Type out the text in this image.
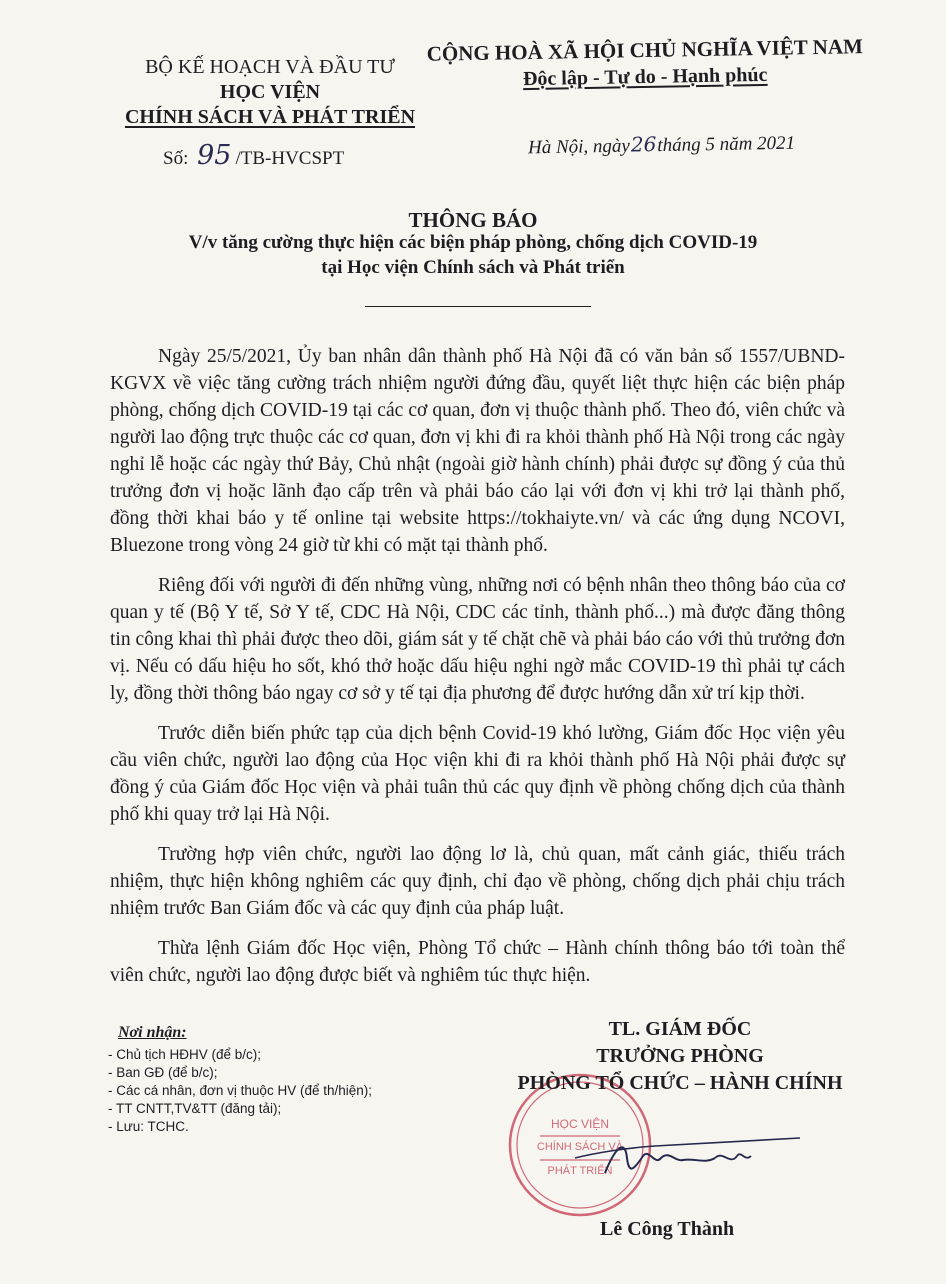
BỘ KẾ HOẠCH VÀ ĐẦU TƯ
HỌC VIỆN
CHÍNH SÁCH VÀ PHÁT TRIỂN
CỘNG HOÀ XÃ HỘI CHỦ NGHĨA VIỆT NAM
Độc lập - Tự do - Hạnh phúc
Số: 95 /TB-HVCSPT
Hà Nội, ngày26tháng 5 năm 2021
THÔNG BÁO
V/v tăng cường thực hiện các biện pháp phòng, chống dịch COVID-19
tại Học viện Chính sách và Phát triển

Ngày 25/5/2021, Ủy ban nhân dân thành phố Hà Nội đã có văn bản số 1557/UBND-KGVX về việc tăng cường trách nhiệm người đứng đầu, quyết liệt thực hiện các biện pháp phòng, chống dịch COVID-19 tại các cơ quan, đơn vị thuộc thành phố. Theo đó, viên chức và người lao động trực thuộc các cơ quan, đơn vị khi đi ra khỏi thành phố Hà Nội trong các ngày nghỉ lễ hoặc các ngày thứ Bảy, Chủ nhật (ngoài giờ hành chính) phải được sự đồng ý của thủ trưởng đơn vị hoặc lãnh đạo cấp trên và phải báo cáo lại với đơn vị khi trở lại thành phố, đồng thời khai báo y tế online tại website https://tokhaiyte.vn/ và các ứng dụng NCOVI, Bluezone trong vòng 24 giờ từ khi có mặt tại thành phố.

Riêng đối với người đi đến những vùng, những nơi có bệnh nhân theo thông báo của cơ quan y tế (Bộ Y tế, Sở Y tế, CDC Hà Nội, CDC các tỉnh, thành phố...) mà được đăng thông tin công khai thì phải được theo dõi, giám sát y tế chặt chẽ và phải báo cáo với thủ trưởng đơn vị. Nếu có dấu hiệu ho sốt, khó thở hoặc dấu hiệu nghi ngờ mắc COVID-19 thì phải tự cách ly, đồng thời thông báo ngay cơ sở y tế tại địa phương để được hướng dẫn xử trí kịp thời.

Trước diễn biến phức tạp của dịch bệnh Covid-19 khó lường, Giám đốc Học viện yêu cầu viên chức, người lao động của Học viện khi đi ra khỏi thành phố Hà Nội phải được sự đồng ý của Giám đốc Học viện và phải tuân thủ các quy định về phòng chống dịch của thành phố khi quay trở lại Hà Nội.

Trường hợp viên chức, người lao động lơ là, chủ quan, mất cảnh giác, thiếu trách nhiệm, thực hiện không nghiêm các quy định, chỉ đạo về phòng, chống dịch phải chịu trách nhiệm trước Ban Giám đốc và các quy định của pháp luật.

Thừa lệnh Giám đốc Học viện, Phòng Tổ chức – Hành chính thông báo tới toàn thể viên chức, người lao động được biết và nghiêm túc thực hiện.

Nơi nhận:
- Chủ tịch HĐHV (để b/c);
- Ban GĐ (để b/c);
- Các cá nhân, đơn vị thuộc HV (để th/hiện);
- TT CNTT,TV&TT (đăng tải);
- Lưu: TCHC.	HỌC VIỆN
CHÍNH SÁCH VÀ
PHÁT TRIỂN
TL. GIÁM ĐỐC
TRƯỞNG PHÒNG
PHÒNG TỔ CHỨC – HÀNH CHÍNH
Lê Công Thành
